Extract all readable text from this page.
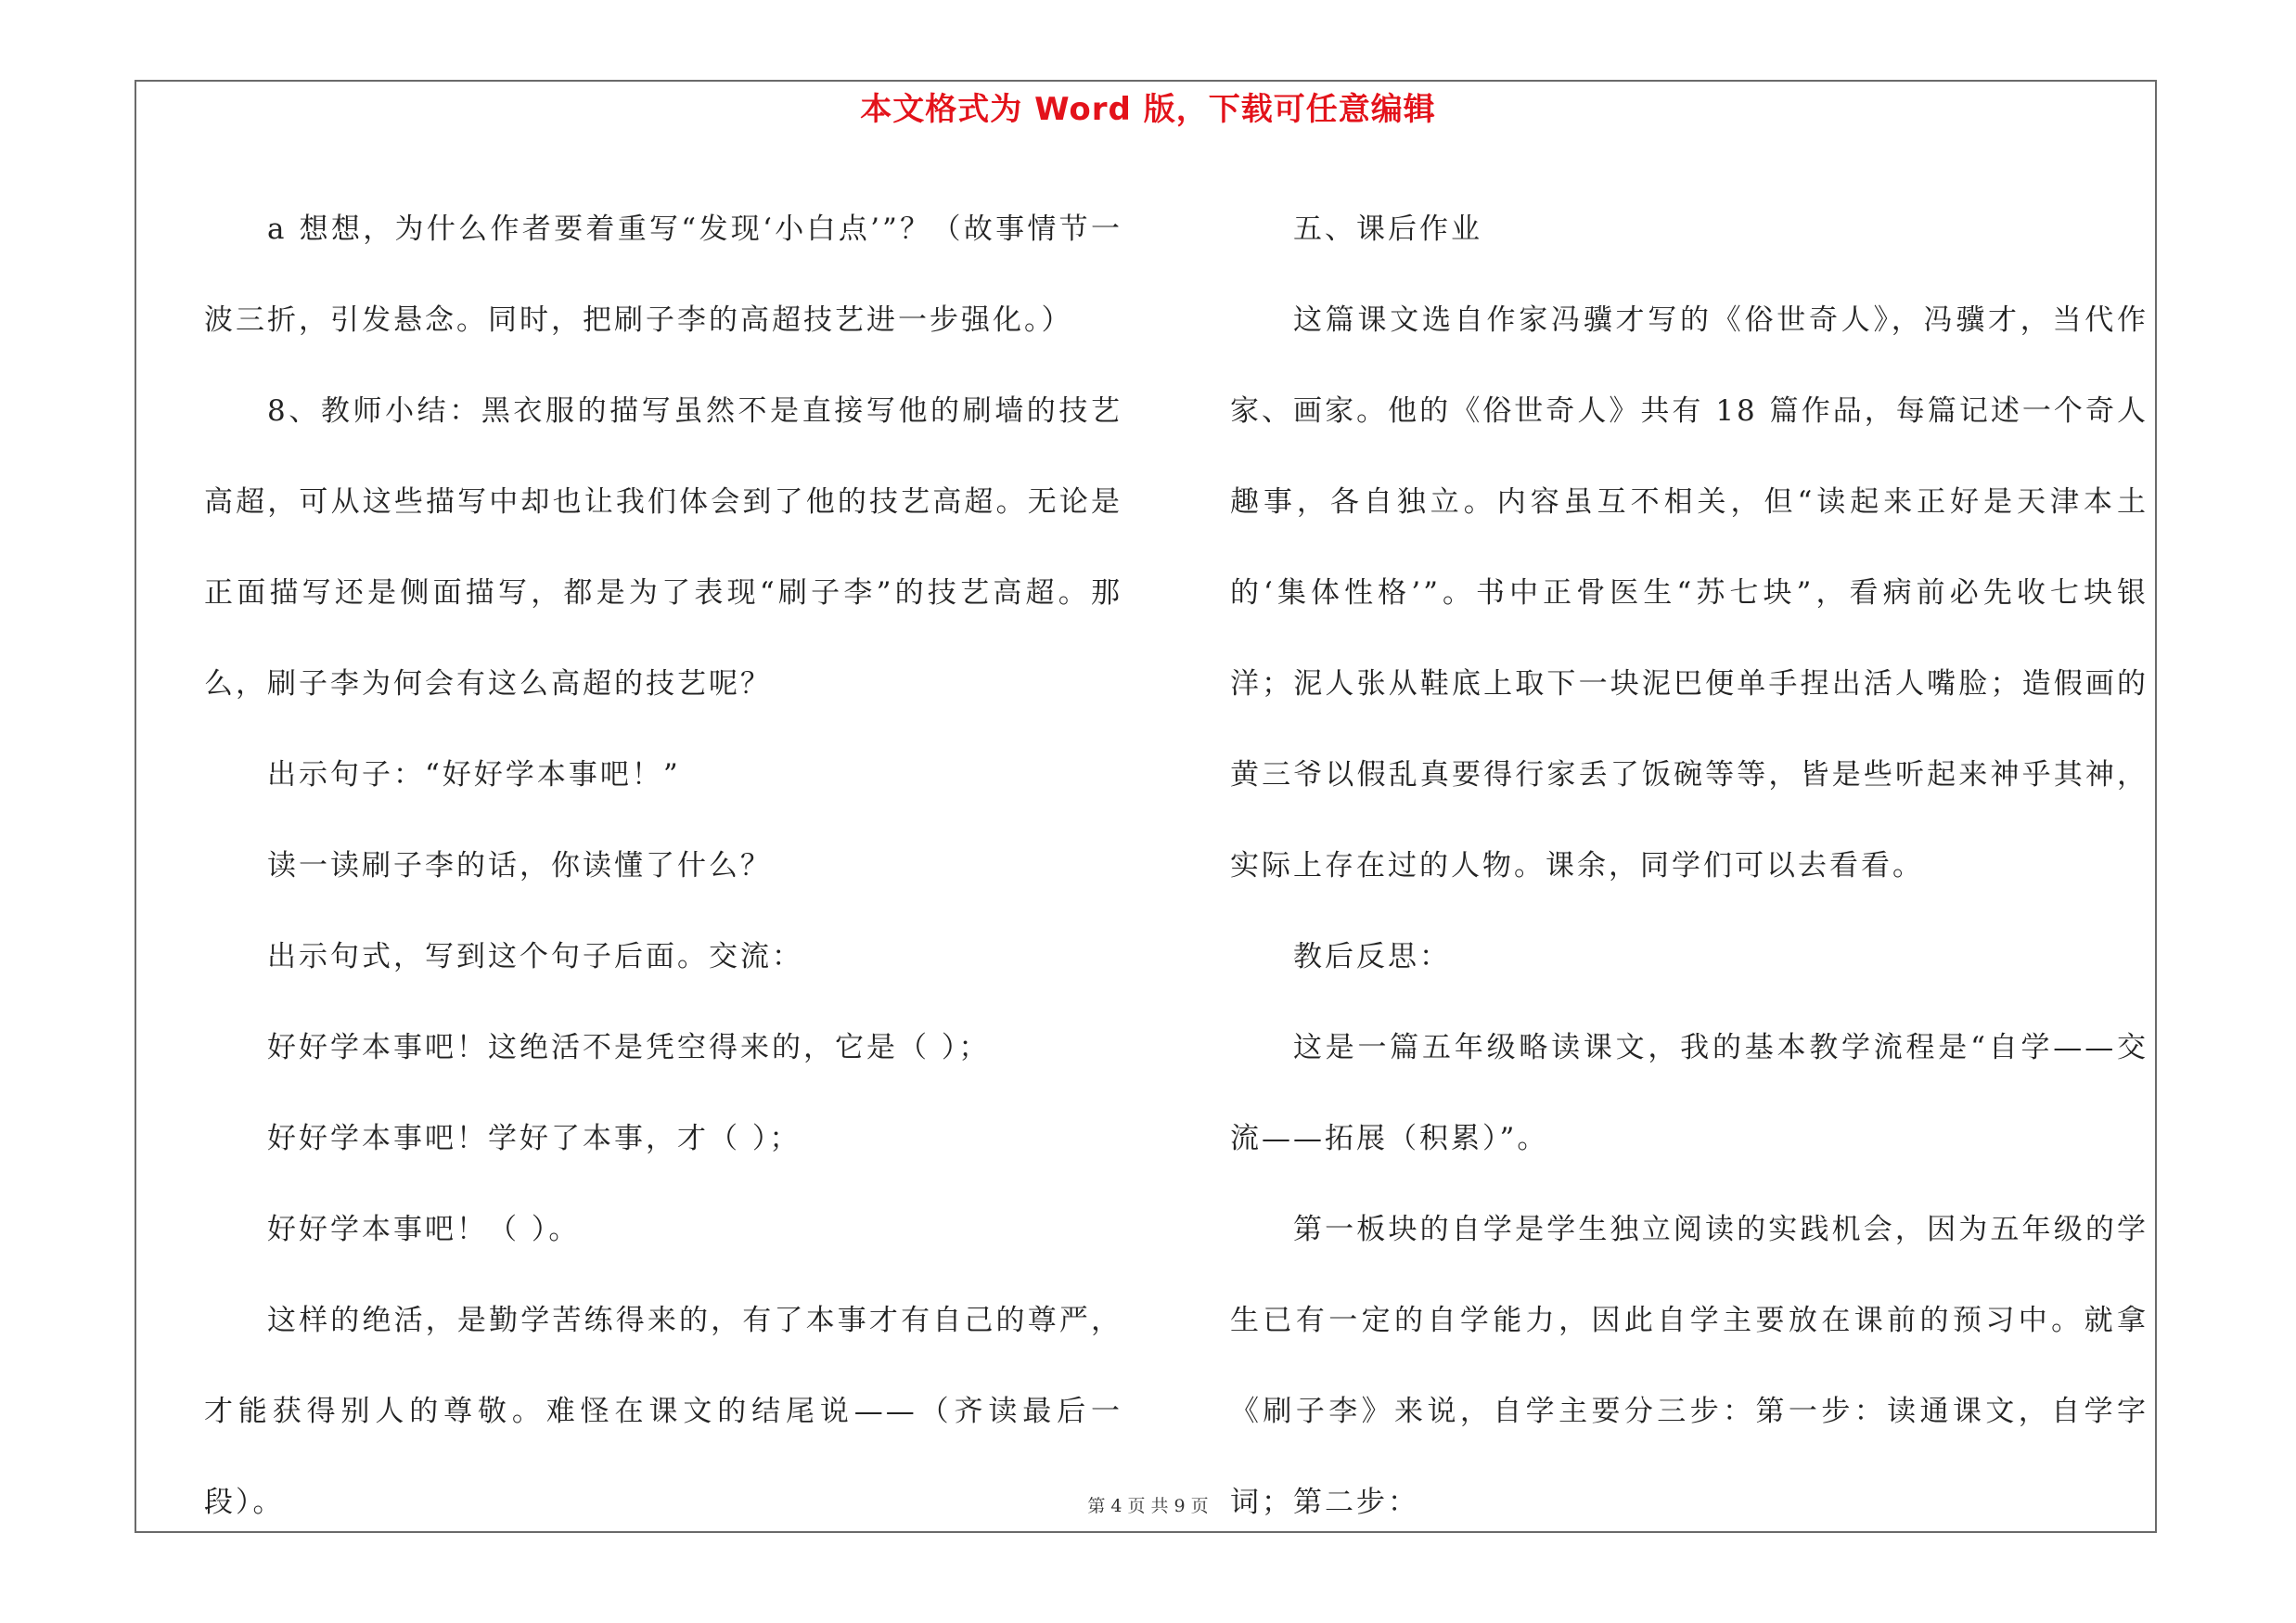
本文格式为 Word 版，下载可任意编辑

a 想想，为什么作者要着重写“发现‘小白点’”？（故事情节一波三折，引发悬念。同时，把刷子李的高超技艺进一步强化。）

8、教师小结：黑衣服的描写虽然不是直接写他的刷墙的技艺高超，可从这些描写中却也让我们体会到了他的技艺高超。无论是正面描写还是侧面描写，都是为了表现“刷子李”的技艺高超。那么，刷子李为何会有这么高超的技艺呢？

出示句子：“好好学本事吧！”

读一读刷子李的话，你读懂了什么？

出示句式，写到这个句子后面。交流：

好好学本事吧！这绝活不是凭空得来的，它是（ ）；

好好学本事吧！学好了本事，才（ ）；

好好学本事吧！（ ）。

这样的绝活，是勤学苦练得来的，有了本事才有自己的尊严，才能获得别人的尊敬。难怪在课文的结尾说——（齐读最后一段）。

五、课后作业

这篇课文选自作家冯骥才写的《俗世奇人》，冯骥才，当代作家、画家。他的《俗世奇人》共有 18 篇作品，每篇记述一个奇人趣事，各自独立。内容虽互不相关，但“读起来正好是天津本土的‘集体性格’”。书中正骨医生“苏七块”，看病前必先收七块银洋；泥人张从鞋底上取下一块泥巴便单手捏出活人嘴脸；造假画的黄三爷以假乱真要得行家丢了饭碗等等，皆是些听起来神乎其神，实际上存在过的人物。课余，同学们可以去看看。

教后反思：

这是一篇五年级略读课文，我的基本教学流程是“自学——交流——拓展（积累）”。

第一板块的自学是学生独立阅读的实践机会，因为五年级的学生已有一定的自学能力，因此自学主要放在课前的预习中。就拿《刷子李》来说，自学主要分三步：第一步：读通课文，自学字词；第二步：

第 4 页 共 9 页
